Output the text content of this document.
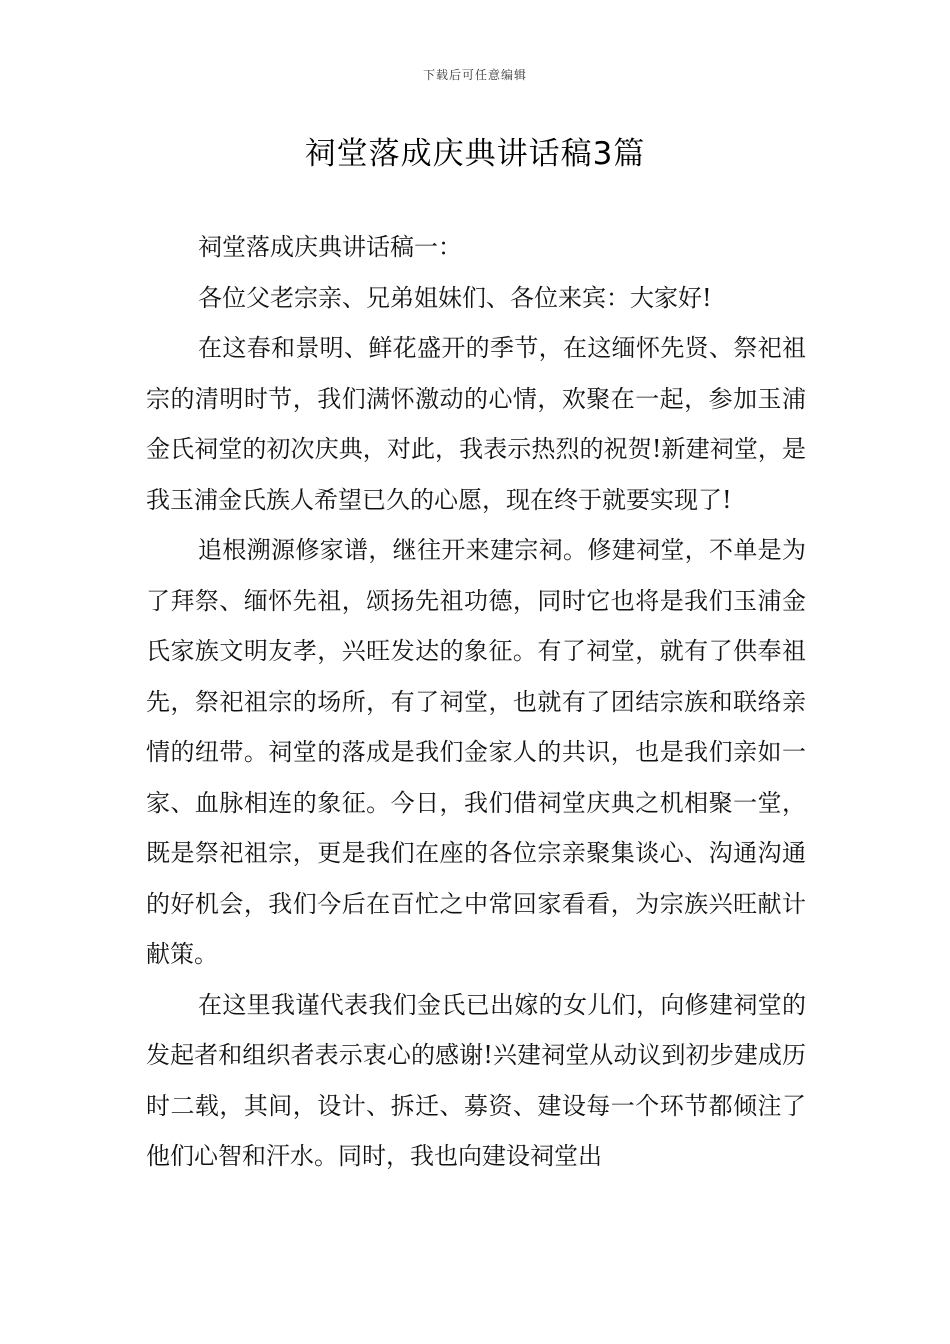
下载后可任意编辑
祠堂落成庆典讲话稿3篇

祠堂落成庆典讲话稿一：

各位父老宗亲、兄弟姐妹们、各位来宾：大家好!

在这春和景明、鲜花盛开的季节，在这缅怀先贤、祭祀祖宗的清明时节，我们满怀激动的心情，欢聚在一起，参加玉浦金氏祠堂的初次庆典，对此，我表示热烈的祝贺!新建祠堂，是我玉浦金氏族人希望已久的心愿，现在终于就要实现了!

追根溯源修家谱，继往开来建宗祠。修建祠堂，不单是为了拜祭、缅怀先祖，颂扬先祖功德，同时它也将是我们玉浦金氏家族文明友孝，兴旺发达的象征。有了祠堂，就有了供奉祖先，祭祀祖宗的场所，有了祠堂，也就有了团结宗族和联络亲情的纽带。祠堂的落成是我们金家人的共识，也是我们亲如一家、血脉相连的象征。今日，我们借祠堂庆典之机相聚一堂，既是祭祀祖宗，更是我们在座的各位宗亲聚集谈心、沟通沟通的好机会，我们今后在百忙之中常回家看看，为宗族兴旺献计献策。

在这里我谨代表我们金氏已出嫁的女儿们，向修建祠堂的发起者和组织者表示衷心的感谢!兴建祠堂从动议到初步建成历时二载，其间，设计、拆迁、募资、建设每一个环节都倾注了他们心智和汗水。同时，我也向建设祠堂出
